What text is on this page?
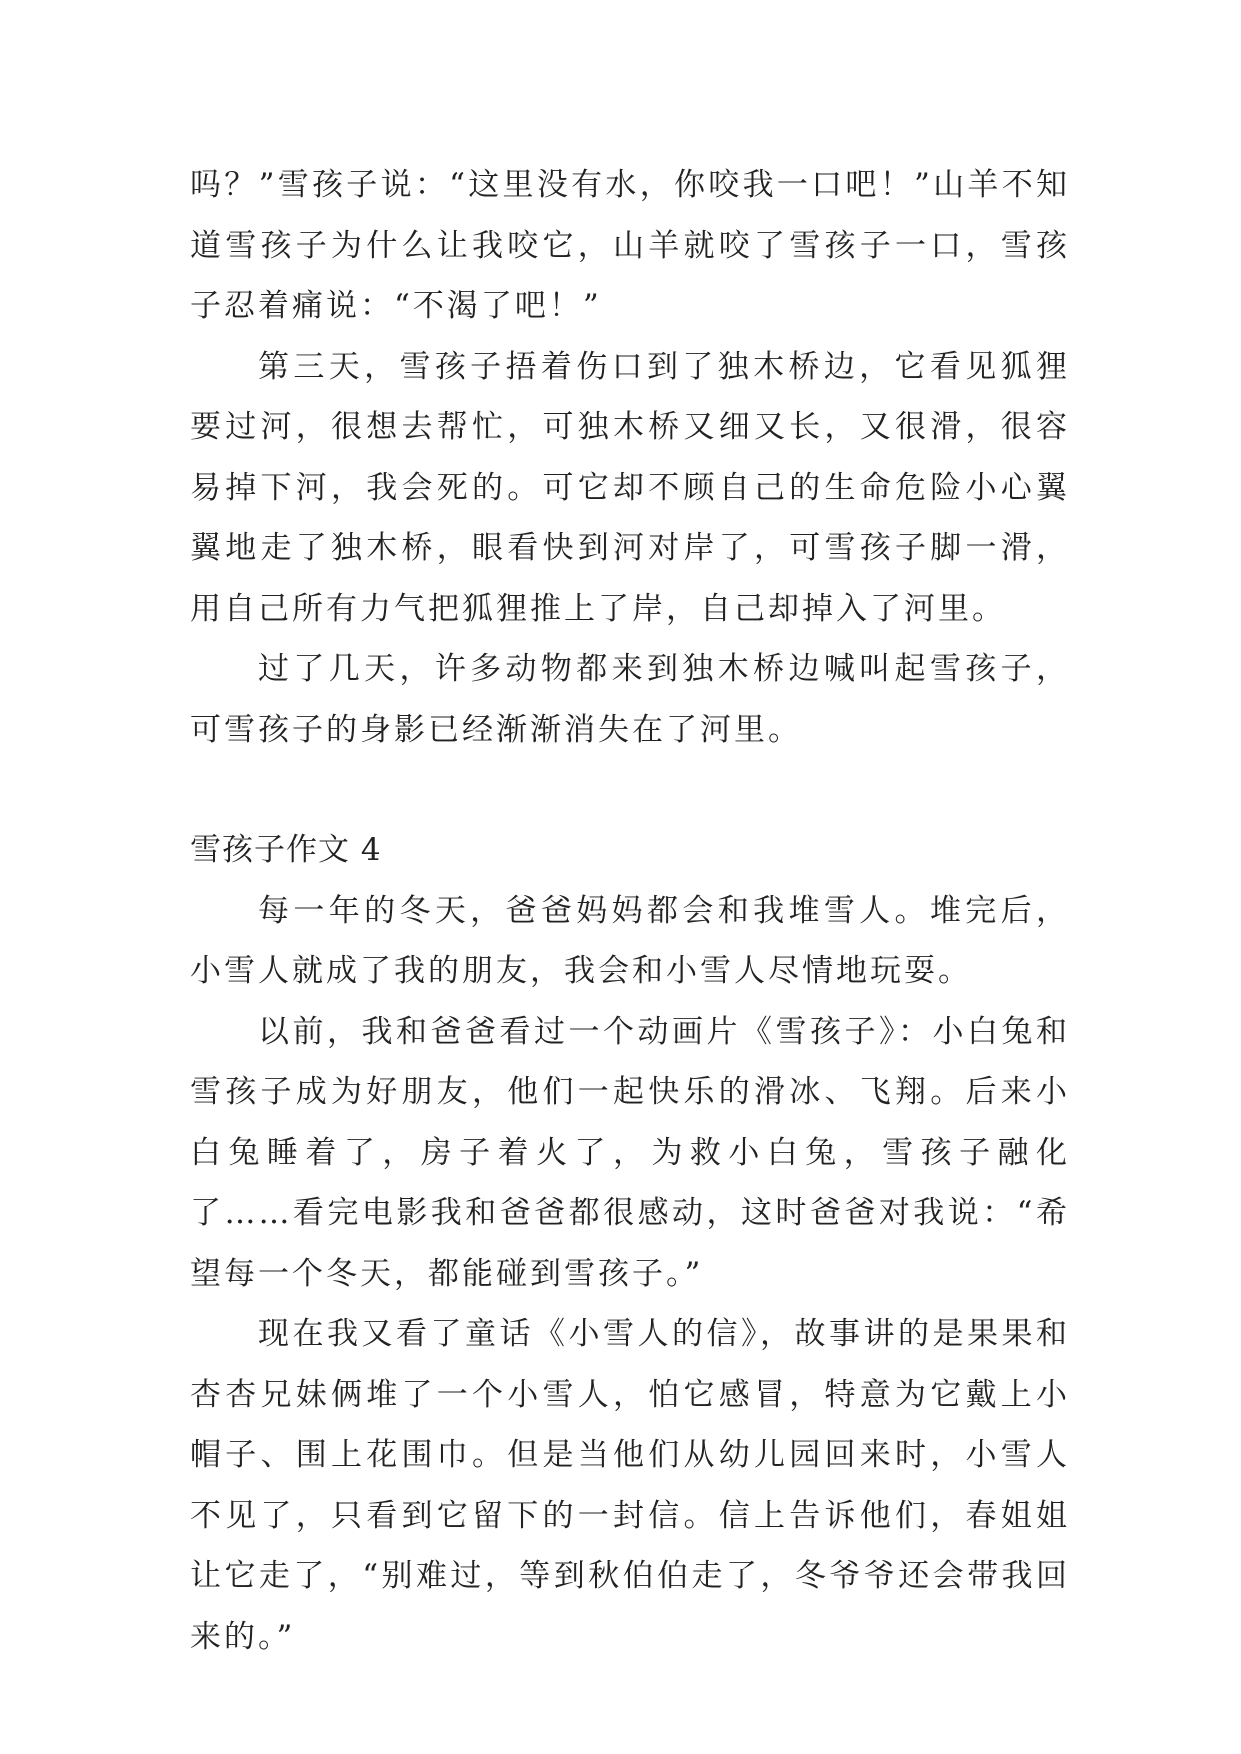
吗？”雪孩子说：“这里没有水，你咬我一口吧！”山羊不知道雪孩子为什么让我咬它，山羊就咬了雪孩子一口，雪孩子忍着痛说：“不渴了吧！”

第三天，雪孩子捂着伤口到了独木桥边，它看见狐狸要过河，很想去帮忙，可独木桥又细又长，又很滑，很容易掉下河，我会死的。可它却不顾自己的生命危险小心翼翼地走了独木桥，眼看快到河对岸了，可雪孩子脚一滑，用自己所有力气把狐狸推上了岸，自己却掉入了河里。

过了几天，许多动物都来到独木桥边喊叫起雪孩子，可雪孩子的身影已经渐渐消失在了河里。

雪孩子作文 4

每一年的冬天，爸爸妈妈都会和我堆雪人。堆完后，小雪人就成了我的朋友，我会和小雪人尽情地玩耍。

以前，我和爸爸看过一个动画片《雪孩子》：小白兔和雪孩子成为好朋友，他们一起快乐的滑冰、飞翔。后来小白兔睡着了，房子着火了，为救小白兔，雪孩子融化了……看完电影我和爸爸都很感动，这时爸爸对我说：“希望每一个冬天，都能碰到雪孩子。”

现在我又看了童话《小雪人的信》，故事讲的是果果和杏杏兄妹俩堆了一个小雪人，怕它感冒，特意为它戴上小帽子、围上花围巾。但是当他们从幼儿园回来时，小雪人不见了，只看到它留下的一封信。信上告诉他们，春姐姐让它走了，“别难过，等到秋伯伯走了，冬爷爷还会带我回来的。”
